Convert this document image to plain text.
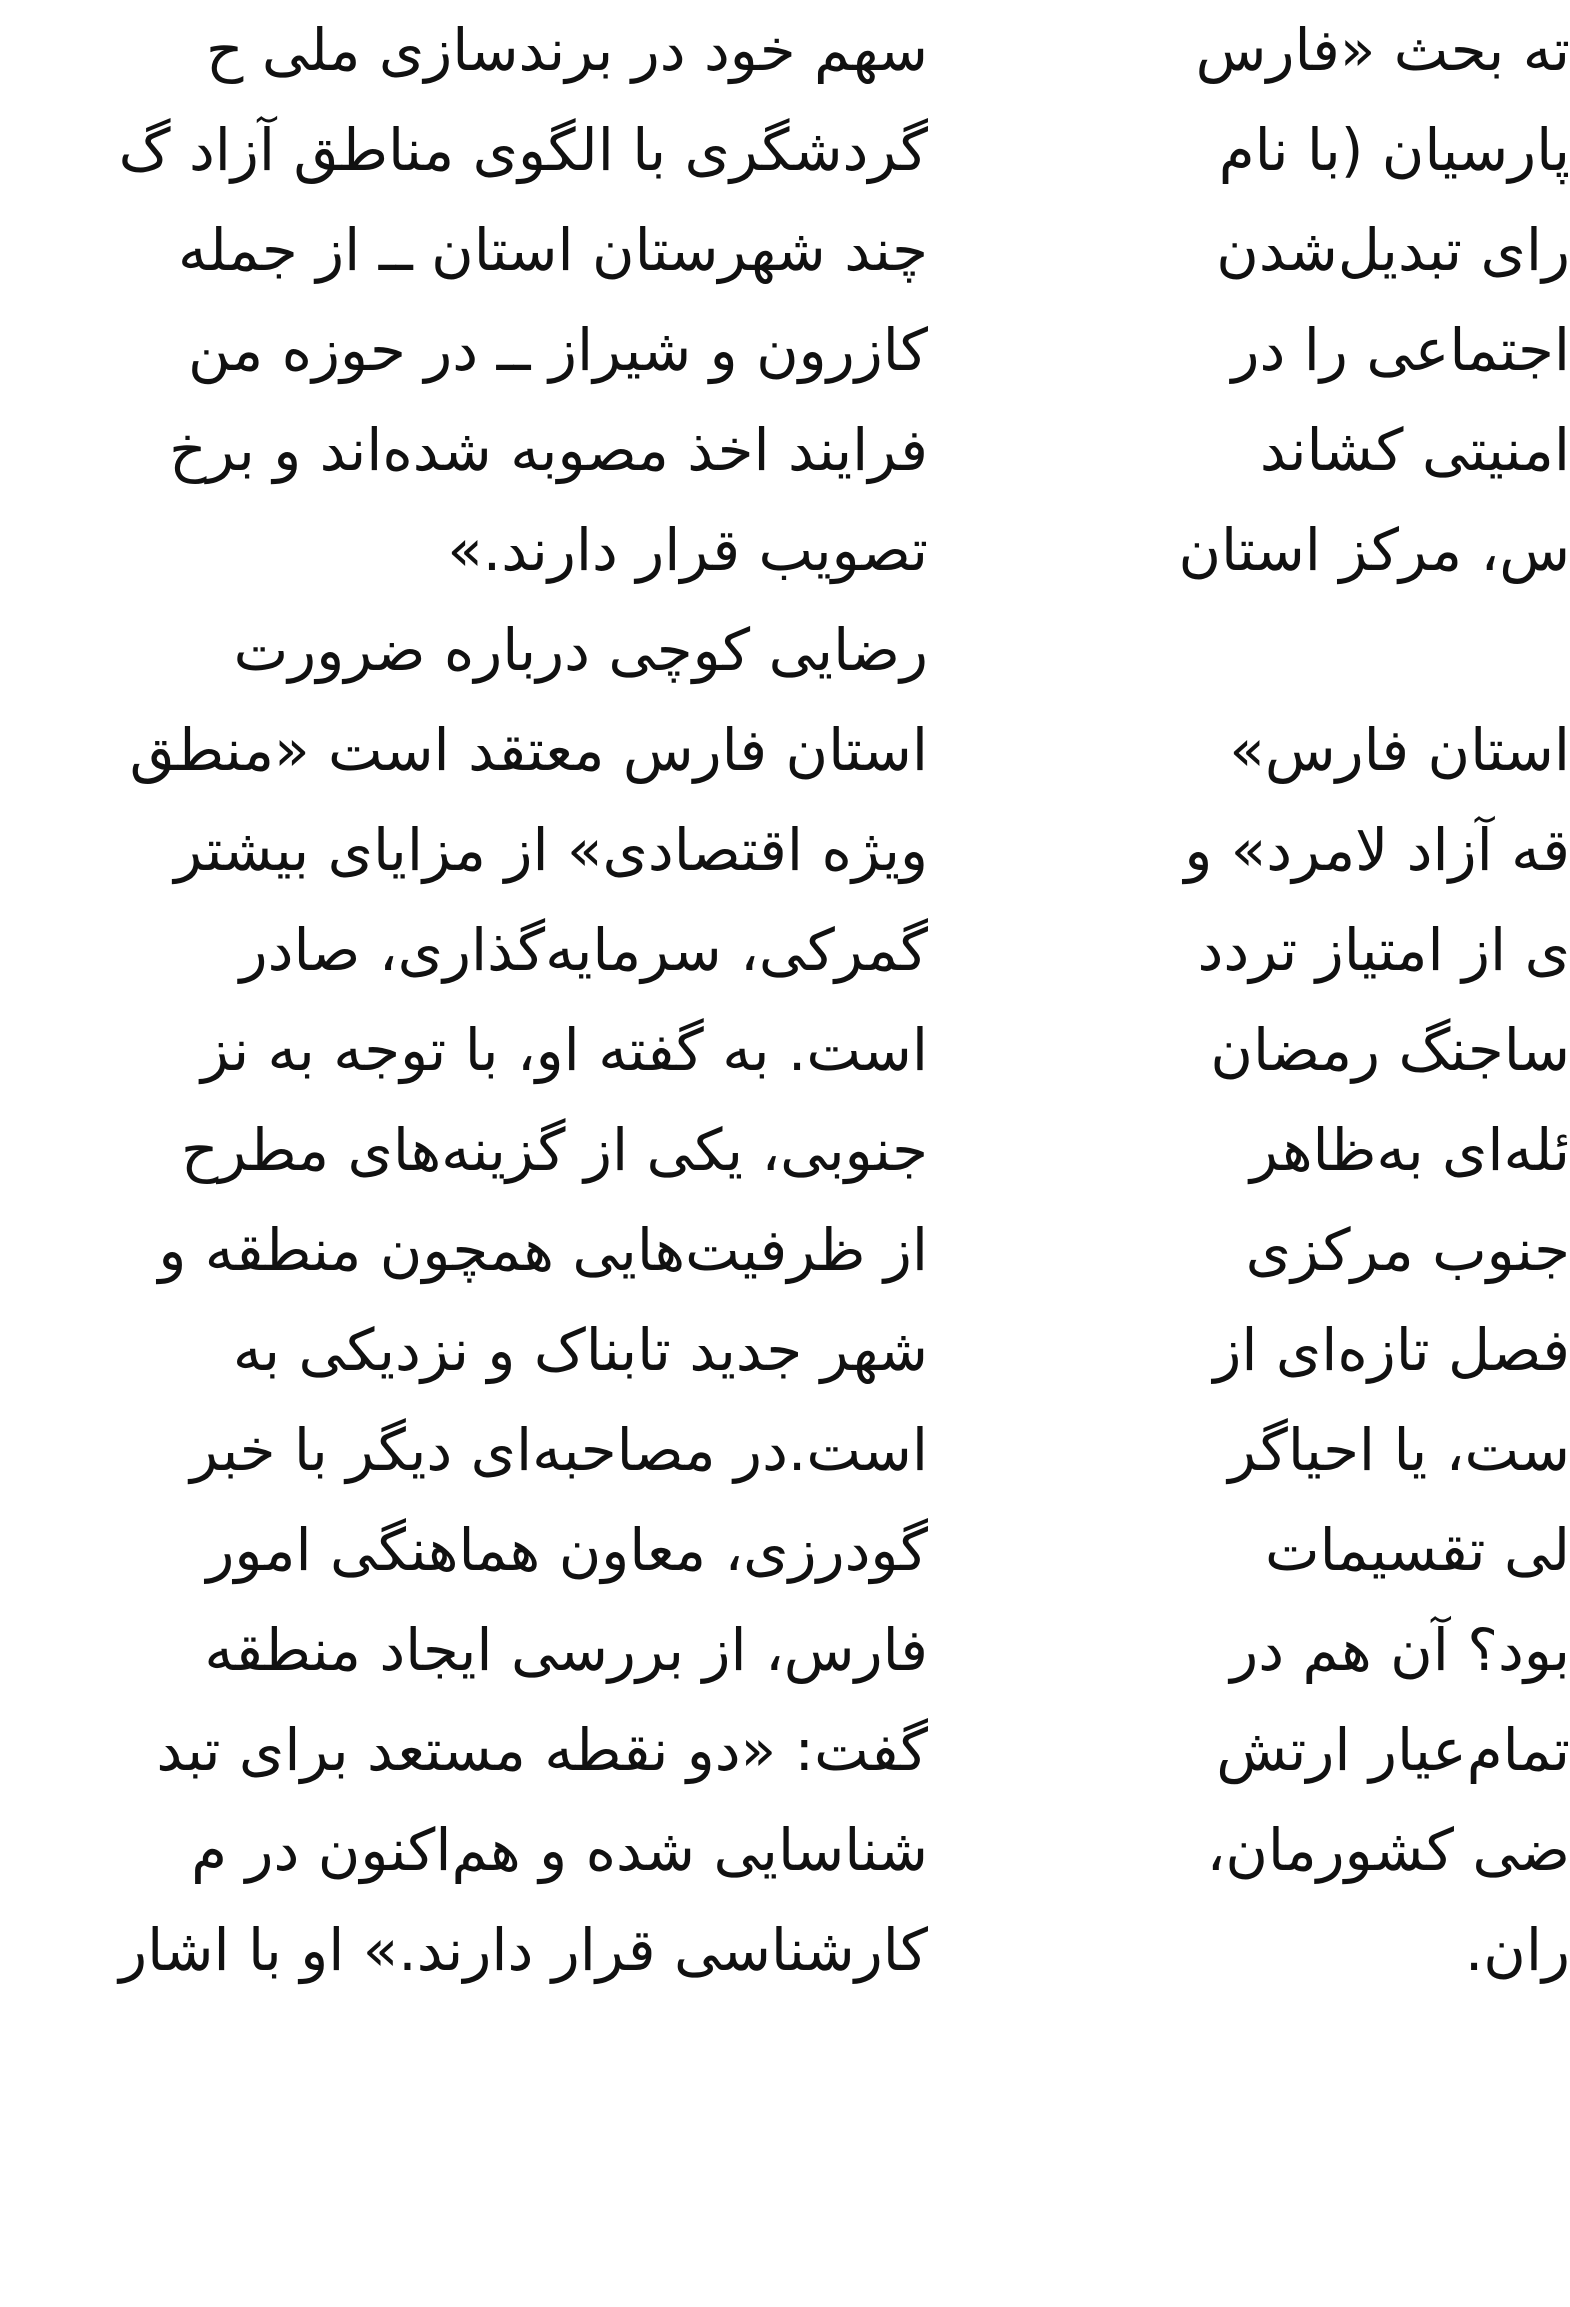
سهم خود در برندسازی ملی ح
گردشگری با الگوی مناطق آزاد گ
چند شهرستان استان ــ از جمله
کازرون و شیراز ــ در حوزه من
فرایند اخذ مصوبه شده‌اند و برخ
تصویب قرار دارند.»
رضایی کوچی درباره ضرورت
استان فارس معتقد است «منطق
ویژه اقتصادی» از مزایای بیشتر
گمرکی، سرمایه‌گذاری، صادر
است. به گفته او، با توجه به نز
جنوبی، یکی از گزینه‌های مطرح
از ظرفیت‌هایی همچون منطقه و
شهر جدید تابناک و نزدیکی به
است.در مصاحبه‌ای دیگر با خبر
گودرزی، معاون هماهنگی امور
فارس، از بررسی ایجاد منطقه
گفت: «دو نقطه مستعد برای تبد
شناسایی شده و هم‌اکنون در م
کارشناسی قرار دارند.» او با اشار
ته بحث «فارس
پارسیان (با نام
رای تبدیل‌شدن
اجتماعی را در
امنیتی کشاند
س، مرکز استان
استان فارس»
قه آزاد لامرد» و
ی از امتیاز تردد
ساجنگ رمضان
ئله‌ای به‌ظاهر
جنوب مرکزی
فصل تازه‌ای از
ست، یا احیاگر
لی تقسیمات
بود؟ آن هم در
تمام‌عیار ارتش
ضی کشورمان،
ران.
